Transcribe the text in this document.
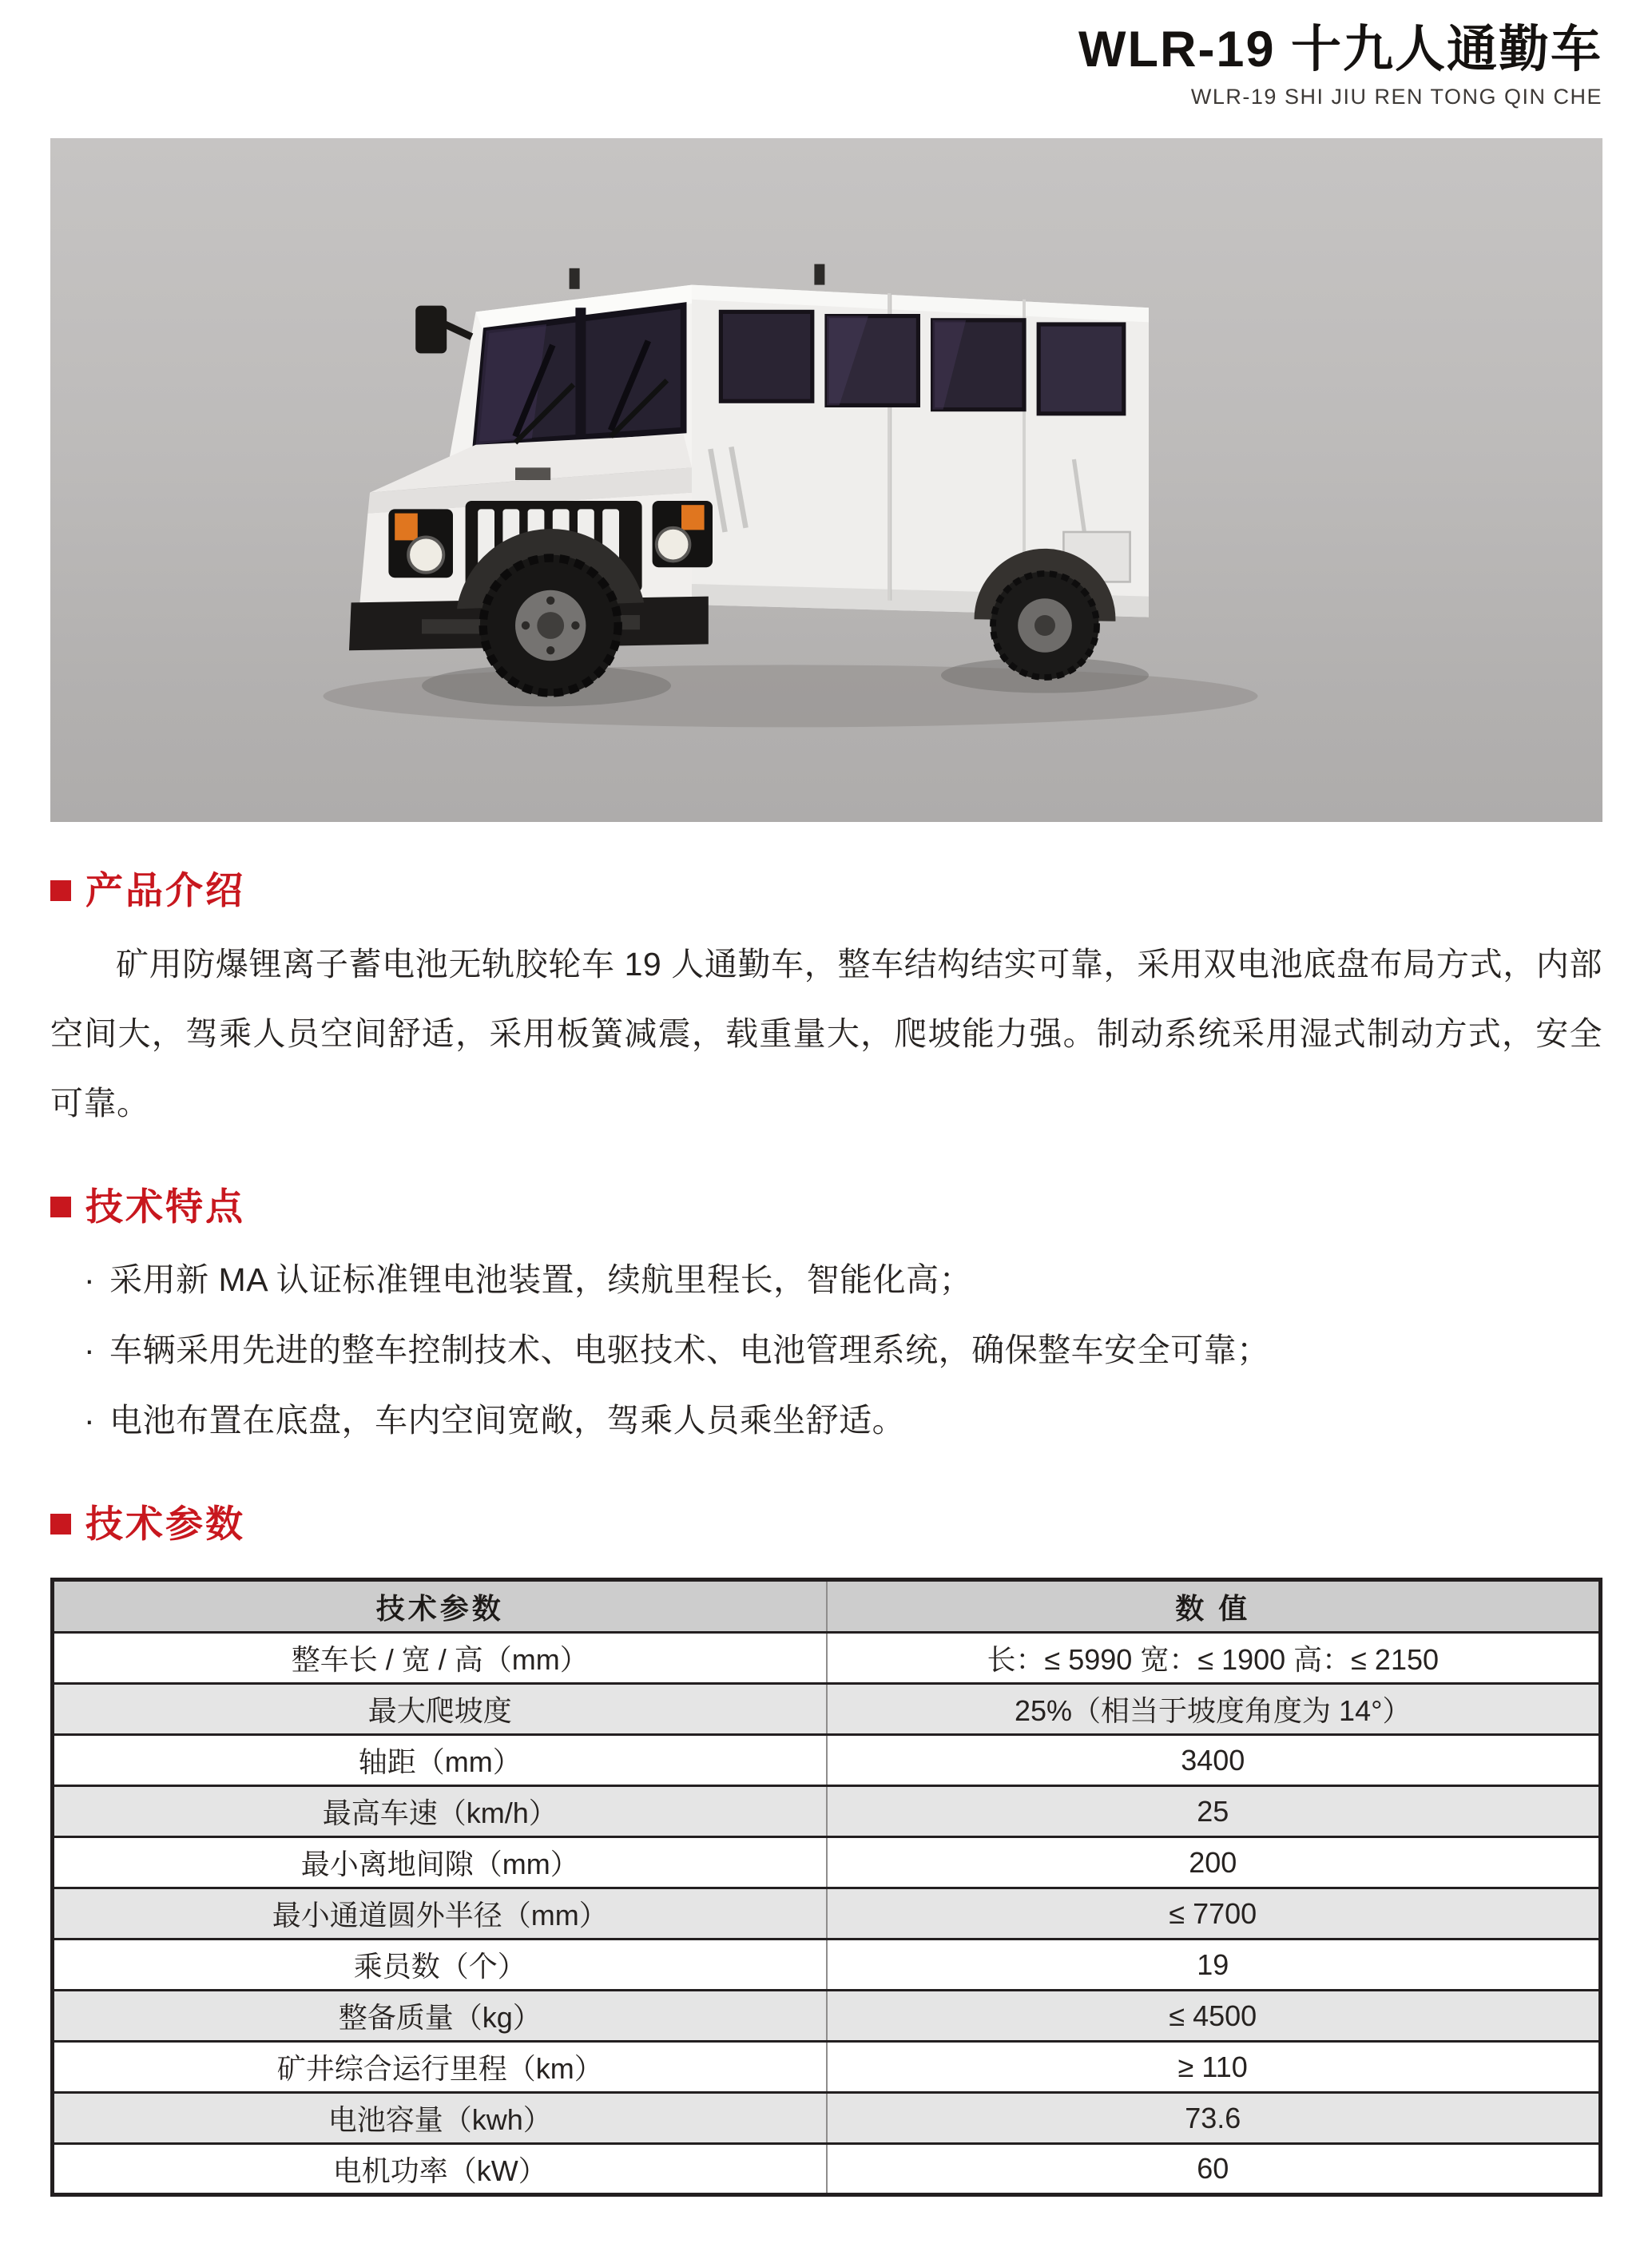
WLR-19 十九人通勤车
WLR-19 SHI JIU REN TONG QIN CHE
产品介绍

矿用防爆锂离子蓄电池无轨胶轮车 19 人通勤车，整车结构结实可靠，采用双电池底盘布局方式，内部空间大，驾乘人员空间舒适，采用板簧减震，载重量大，爬坡能力强。制动系统采用湿式制动方式，安全可靠。

技术特点
· 采用新 MA 认证标准锂电池装置，续航里程长，智能化高；
· 车辆采用先进的整车控制技术、电驱技术、电池管理系统，确保整车安全可靠；
· 电池布置在底盘，车内空间宽敞，驾乘人员乘坐舒适。
技术参数
技术参数	数 值
整车长 / 宽 / 高（mm）	长：≤ 5990 宽：≤ 1900 高：≤ 2150
最大爬坡度	25%（相当于坡度角度为 14°）
轴距（mm）	3400
最高车速（km/h）	25
最小离地间隙（mm）	200
最小通道圆外半径（mm）	≤ 7700
乘员数（个）	19
整备质量（kg）	≤ 4500
矿井综合运行里程（km）	≥ 110
电池容量（kwh）	73.6
电机功率（kW）	60
